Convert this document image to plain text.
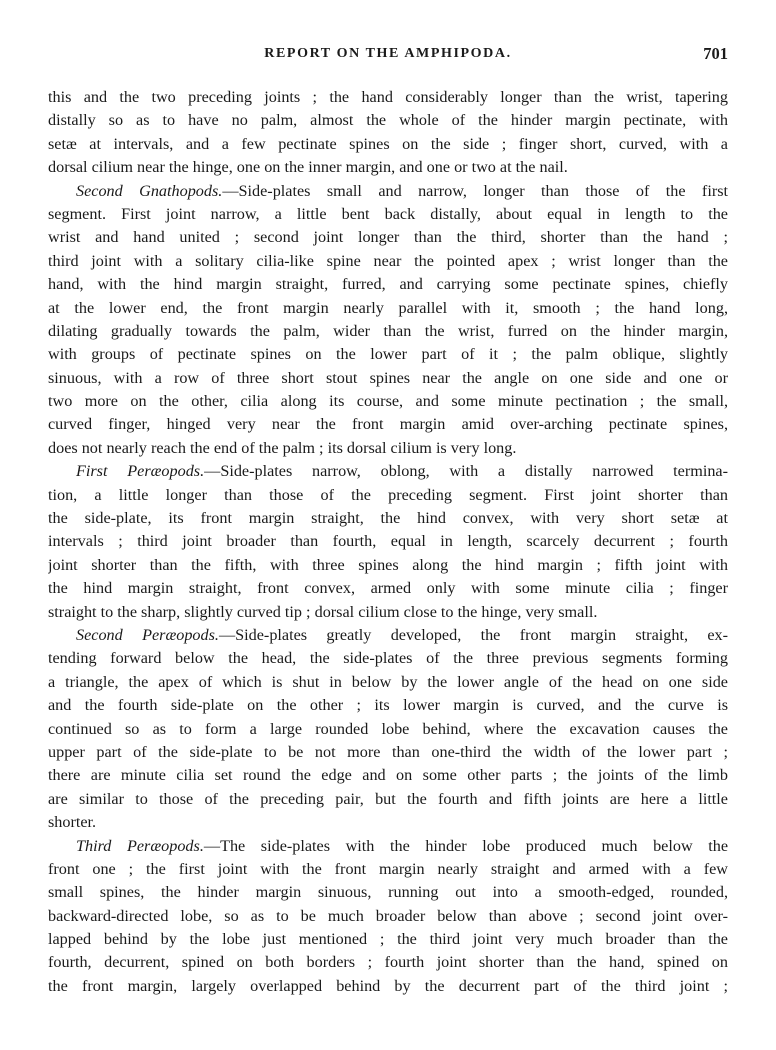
REPORT ON THE AMPHIPODA.	701
this and the two preceding joints ; the hand considerably longer than the wrist, tapering
distally so as to have no palm, almost the whole of the hinder margin pectinate, with
setæ at intervals, and a few pectinate spines on the side ; finger short, curved, with a
dorsal cilium near the hinge, one on the inner margin, and one or two at the nail.
Second Gnathopods.—Side-plates small and narrow, longer than those of the first
segment. First joint narrow, a little bent back distally, about equal in length to the
wrist and hand united ; second joint longer than the third, shorter than the hand ;
third joint with a solitary cilia-like spine near the pointed apex ; wrist longer than the
hand, with the hind margin straight, furred, and carrying some pectinate spines, chiefly
at the lower end, the front margin nearly parallel with it, smooth ; the hand long,
dilating gradually towards the palm, wider than the wrist, furred on the hinder margin,
with groups of pectinate spines on the lower part of it ; the palm oblique, slightly
sinuous, with a row of three short stout spines near the angle on one side and one or
two more on the other, cilia along its course, and some minute pectination ; the small,
curved finger, hinged very near the front margin amid over-arching pectinate spines,
does not nearly reach the end of the palm ; its dorsal cilium is very long.
First Peræopods.—Side-plates narrow, oblong, with a distally narrowed termina-
tion, a little longer than those of the preceding segment. First joint shorter than
the side-plate, its front margin straight, the hind convex, with very short setæ at
intervals ; third joint broader than fourth, equal in length, scarcely decurrent ; fourth
joint shorter than the fifth, with three spines along the hind margin ; fifth joint with
the hind margin straight, front convex, armed only with some minute cilia ; finger
straight to the sharp, slightly curved tip ; dorsal cilium close to the hinge, very small.
Second Peræopods.—Side-plates greatly developed, the front margin straight, ex-
tending forward below the head, the side-plates of the three previous segments forming
a triangle, the apex of which is shut in below by the lower angle of the head on one side
and the fourth side-plate on the other ; its lower margin is curved, and the curve is
continued so as to form a large rounded lobe behind, where the excavation causes the
upper part of the side-plate to be not more than one-third the width of the lower part ;
there are minute cilia set round the edge and on some other parts ; the joints of the limb
are similar to those of the preceding pair, but the fourth and fifth joints are here a little
shorter.
Third Peræopods.—The side-plates with the hinder lobe produced much below the
front one ; the first joint with the front margin nearly straight and armed with a few
small spines, the hinder margin sinuous, running out into a smooth-edged, rounded,
backward-directed lobe, so as to be much broader below than above ; second joint over-
lapped behind by the lobe just mentioned ; the third joint very much broader than the
fourth, decurrent, spined on both borders ; fourth joint shorter than the hand, spined on
the front margin, largely overlapped behind by the decurrent part of the third joint ;
